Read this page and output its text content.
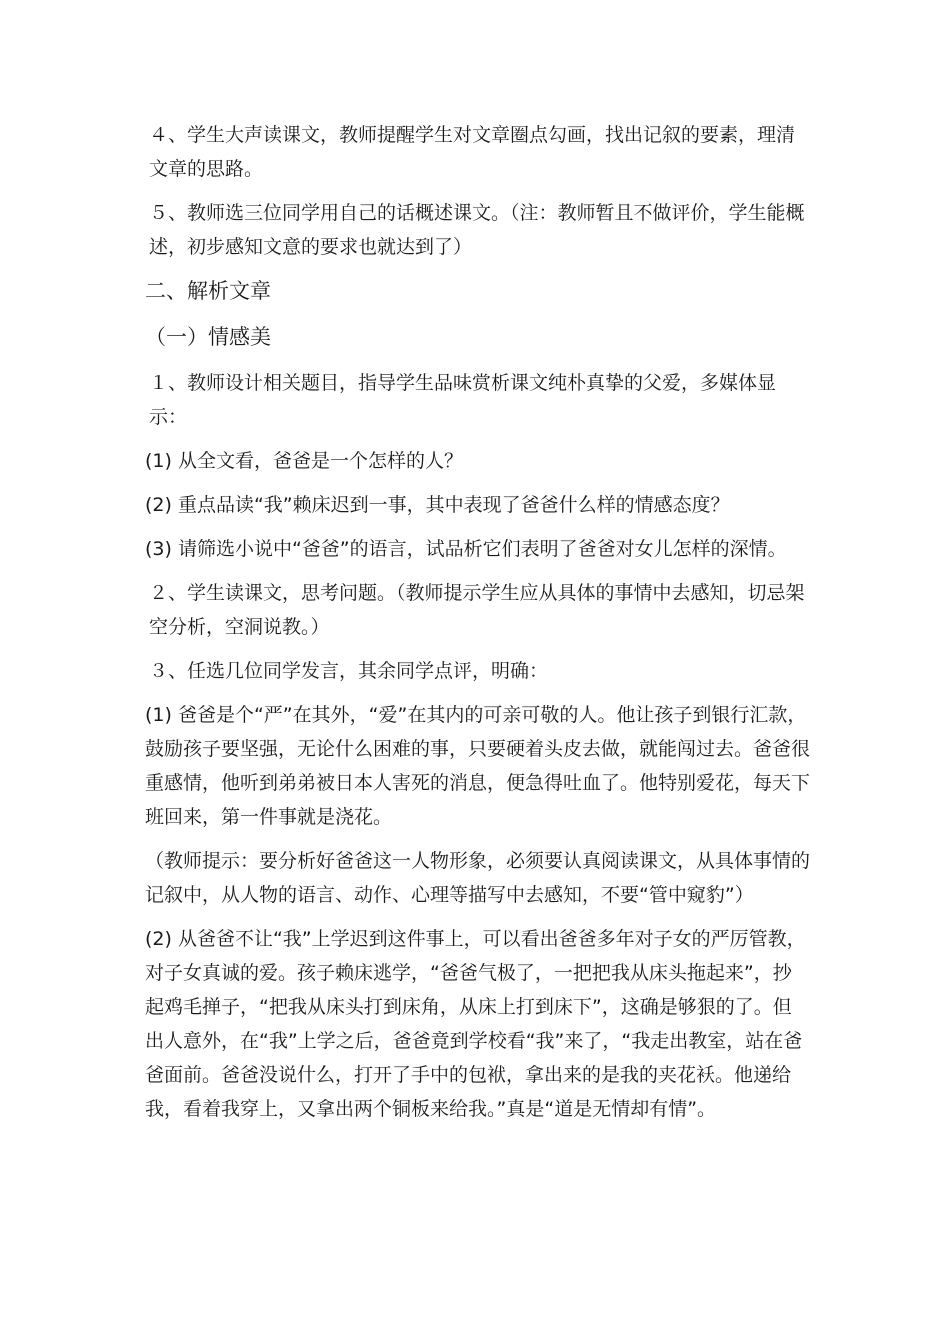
４、学生大声读课文，教师提醒学生对文章圈点勾画，找出记叙的要素，理清文章的思路。

５、教师选三位同学用自己的话概述课文。（注：教师暂且不做评价，学生能概述，初步感知文意的要求也就达到了）

二、解析文章

（一）情感美

１、教师设计相关题目，指导学生品味赏析课文纯朴真挚的父爱，多媒体显示：

(1) 从全文看，爸爸是一个怎样的人？

(2) 重点品读“我”赖床迟到一事，其中表现了爸爸什么样的情感态度？

(3) 请筛选小说中“爸爸”的语言，试品析它们表明了爸爸对女儿怎样的深情。

２、学生读课文，思考问题。（教师提示学生应从具体的事情中去感知，切忌架空分析，空洞说教。）

３、任选几位同学发言，其余同学点评，明确：

(1) 爸爸是个“严”在其外，“爱”在其内的可亲可敬的人。他让孩子到银行汇款，鼓励孩子要坚强，无论什么困难的事，只要硬着头皮去做，就能闯过去。爸爸很重感情，他听到弟弟被日本人害死的消息，便急得吐血了。他特别爱花，每天下班回来，第一件事就是浇花。

（教师提示：要分析好爸爸这一人物形象，必须要认真阅读课文，从具体事情的记叙中，从人物的语言、动作、心理等描写中去感知，不要“管中窥豹”）

(2) 从爸爸不让“我”上学迟到这件事上，可以看出爸爸多年对子女的严厉管教，对子女真诚的爱。孩子赖床逃学，“爸爸气极了，一把把我从床头拖起来”，抄起鸡毛掸子，“把我从床头打到床角，从床上打到床下”，这确是够狠的了。但出人意外，在“我”上学之后，爸爸竟到学校看“我”来了，“我走出教室，站在爸爸面前。爸爸没说什么，打开了手中的包袱，拿出来的是我的夹花袄。他递给我，看着我穿上，又拿出两个铜板来给我。”真是“道是无情却有情”。
